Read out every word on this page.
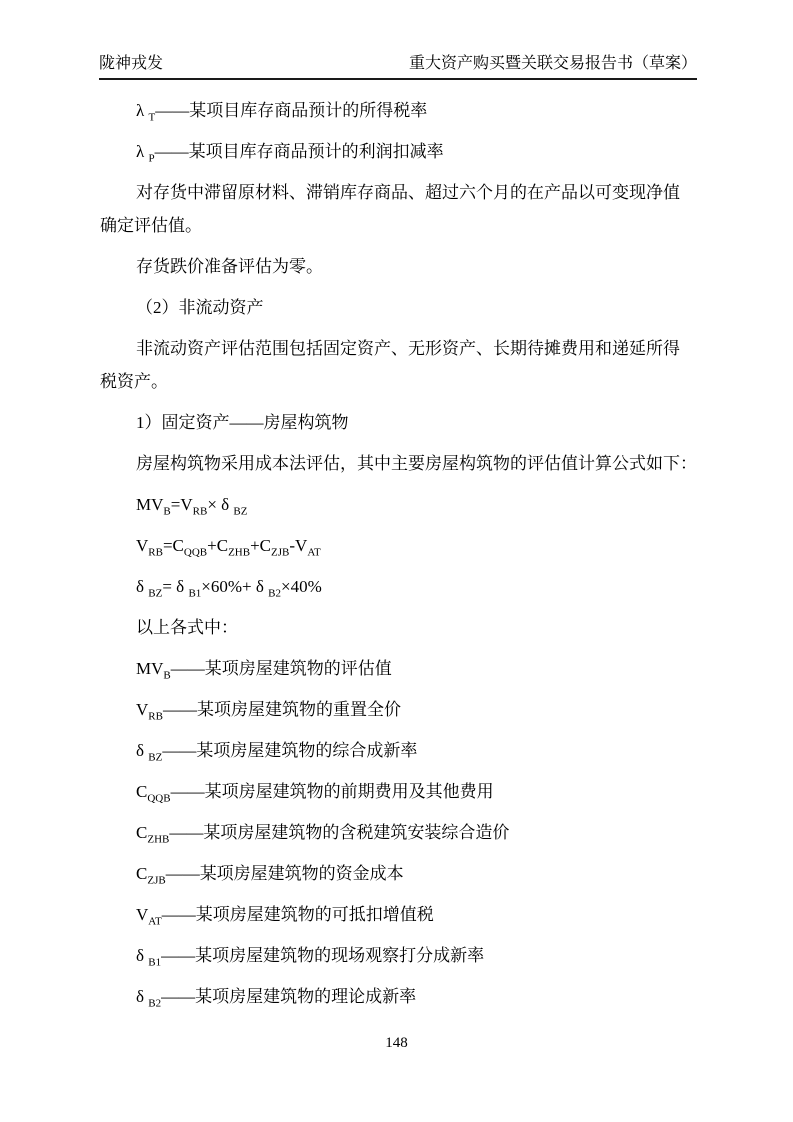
陇神戎发	重大资产购买暨关联交易报告书（草案）

λ $_T$——某项目库存商品预计的所得税率

λ $_P$——某项目库存商品预计的利润扣减率

对存货中滞留原材料、滞销库存商品、超过六个月的在产品以可变现净值
确定评估值。

存货跌价准备评估为零。

（2）非流动资产

非流动资产评估范围包括固定资产、无形资产、长期待摊费用和递延所得
税资产。

1）固定资产——房屋构筑物

房屋构筑物采用成本法评估，其中主要房屋构筑物的评估值计算公式如下：

$MV_B=V_{RB}\times \delta$ $_{BZ}$

$V_{RB}=C_{QQB}+C_{ZHB}+C_{ZJB}-V_{AT}$

δ $_{BZ}$= δ $_{B1}$×60%+ δ $_{B2}$×40%

以上各式中：

$MV_B——$某项房屋建筑物的评估值

$V_{RB}——$某项房屋建筑物的重置全价

δ $_{BZ}$——某项房屋建筑物的综合成新率

$C_{QQB}——$某项房屋建筑物的前期费用及其他费用

$C_{ZHB}——$某项房屋建筑物的含税建筑安装综合造价

$C_{ZJB}——$某项房屋建筑物的资金成本

$V_{AT}——$某项房屋建筑物的可抵扣增值税

δ $_{B1}$——某项房屋建筑物的现场观察打分成新率

δ $_{B2}$——某项房屋建筑物的理论成新率

148
